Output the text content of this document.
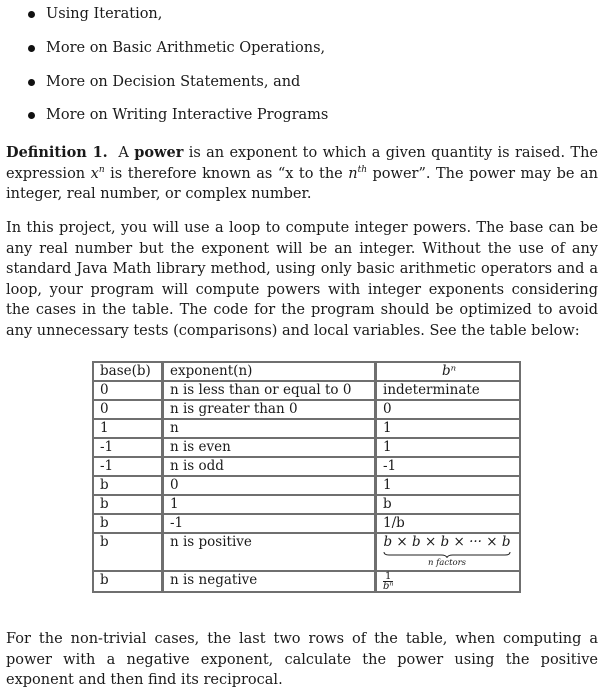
Using Iteration,
More on Basic Arithmetic Operations,
More on Decision Statements, and
More on Writing Interactive Programs

Definition 1. A power is an exponent to which a given quantity is raised. The expression $x^n$ is therefore known as “x to the $n^{th}$ power”. The power may be an integer, real number, or complex number.

In this project, you will use a loop to compute integer powers. The base can be any real number but the exponent will be an integer. Without the use of any standard Java Math library method, using only basic arithmetic operators and a loop, your program will compute powers with integer exponents considering the cases in the table. The code for the program should be optimized to avoid any unnecessary tests (comparisons) and local variables. See the table below:

base(b)	exponent(n)	bⁿ
0	n is less than or equal to 0	indeterminate
0	n is greater than 0	0
1	n	1
-1	n is even	1
-1	n is odd	-1
b	0	1
b	1	b
b	-1	1/b
b	n is positive	b × b × b × ··· × b
n factors

b	n is negative	$\frac{1}{\text{bⁿ}}$

For the non-trivial cases, the last two rows of the table, when computing a power with a negative exponent, calculate the power using the positive exponent and then find its reciprocal.
